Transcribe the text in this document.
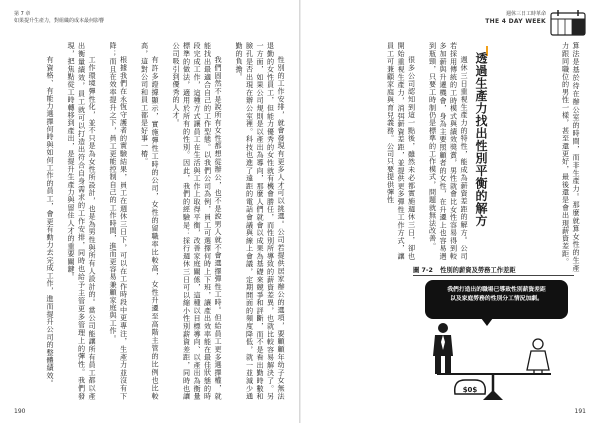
第 7 章
如果提升生產力，對組織的成本最何影響

性別的工作安排，就會發現有更多人才可以挑選。公司若提供居家辦公的選項，要顧顧年幼子女無法退勤的女性員工，但能力優秀的女性就有機會勝任，而性別所導致的薪資差異，也就比較容易解決了。另一方面，如果公司規則是以產出為導向，那麼人們就會以成果為基礎來競爭和評斷，而不是看出勤時數和臉孔是否出現在辦公室裡。科技也進了遠距的電話會議與線上會議，定期開面的頻度降低，就一並減少通勤的負擔。

我們固然不是說所有女性都想從辦公，也不是說男人就不會選擇彈性工時。但給員工更多選擇權，就能找出最適合自己的工作型態。以我們公司為例，員工可選擇何時上下班，讓產出效率能在最佳狀態的時段完成工作，這種方式讓員工在生活與工作上取得平衡，改善家庭關係，這種以目標導向、以產出為衡量標準的做法，適用於所有的性別。因此，我們的經驗是：採行週休三日可以縮小性別薪資差距，同時也讓公司吸引到優秀的人才。

有許多證據顯示，實施彈性工時的公司，女性的留職率比較高，女性升遷至高階主管的比例也比較高，這對公司和員工都是好事一樁。

根據我們在永恆守護者的實驗結果，員工在週休三日下，可以在工作時段中更專注，生產力並沒有下降；而且在效率提升之下，員工更能控制自己的工作時間，進而更容易兼顧家庭與工作。

工作環境彈性化，並不只是為女性所設計，也是為男性與所有人設計的。當公司能讓所有員工都以產出衡量績效，員工就可以打造出符合自身需求的工作安排，同時也給予主管更多管理上的彈性。我們發現，把焦點從工時轉移到產出，是提升生產力與留住人才的重要關鍵。

有資格、有能力選擇何時與如何工作的員工，會更有動力去完成工作，進而提升公司的整體績效。

190
週休三日工時革命
THE 4 DAY WEEK

算法是基於待在辦公室的時間，而非生產力。那麼就算女性的生產力跟同職位的男性一樣，甚至還更好，最後還是會出現薪資差距。

透過生產力找出性別平衡的解方

週休三日重視生產力的特性，能成為薪資差距的解方。公司若採用傳統的工時模式與績效獎賞，男性就會比女性容易得到較多加薪與升遷機會，身為主要照顧者的女性，在升遷上也容易遇到瓶頸，只要工時制仍是標準的工作模式，問題就無法改善。

很多公司認知到這一點後，雖然未必都實施週休三日，卻也開始重視生產力，消弭薪資差距，並提供更多彈性工作方式，讓員工可兼顧家庭與育兒義務。公司只要提供彈性

圖 7-2 性別的薪資及勞務工作差距
我們打造出的職場已導致性別薪資差距
以及家庭勞務的性別分工情況加劇。
$0$
191
